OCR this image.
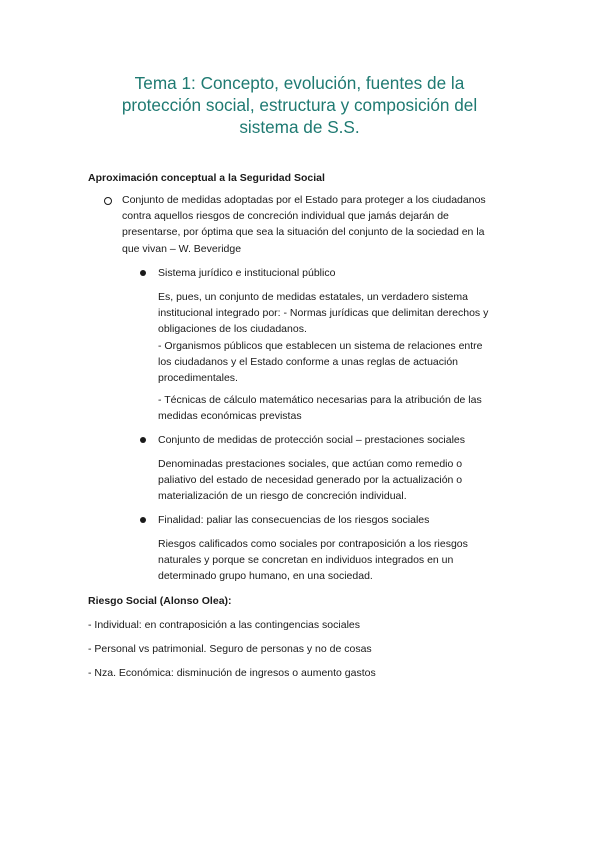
Tema 1: Concepto, evolución, fuentes de la
protección social, estructura y composición del
sistema de S.S.
Aproximación conceptual a la Seguridad Social
Conjunto de medidas adoptadas por el Estado para proteger a los ciudadanos
contra aquellos riesgos de concreción individual que jamás dejarán de
presentarse, por óptima que sea la situación del conjunto de la sociedad en la
que vivan – W. Beveridge
Sistema jurídico e institucional público
Es, pues, un conjunto de medidas estatales, un verdadero sistema
institucional integrado por: - Normas jurídicas que delimitan derechos y
obligaciones de los ciudadanos.
- Organismos públicos que establecen un sistema de relaciones entre
los ciudadanos y el Estado conforme a unas reglas de actuación
procedimentales.
- Técnicas de cálculo matemático necesarias para la atribución de las
medidas económicas previstas
Conjunto de medidas de protección social – prestaciones sociales
Denominadas prestaciones sociales, que actúan como remedio o
paliativo del estado de necesidad generado por la actualización o
materialización de un riesgo de concreción individual.
Finalidad: paliar las consecuencias de los riesgos sociales
Riesgos calificados como sociales por contraposición a los riesgos
naturales y porque se concretan en individuos integrados en un
determinado grupo humano, en una sociedad.
Riesgo Social (Alonso Olea):
- Individual: en contraposición a las contingencias sociales
- Personal vs patrimonial. Seguro de personas y no de cosas
- Nza. Económica: disminución de ingresos o aumento gastos
